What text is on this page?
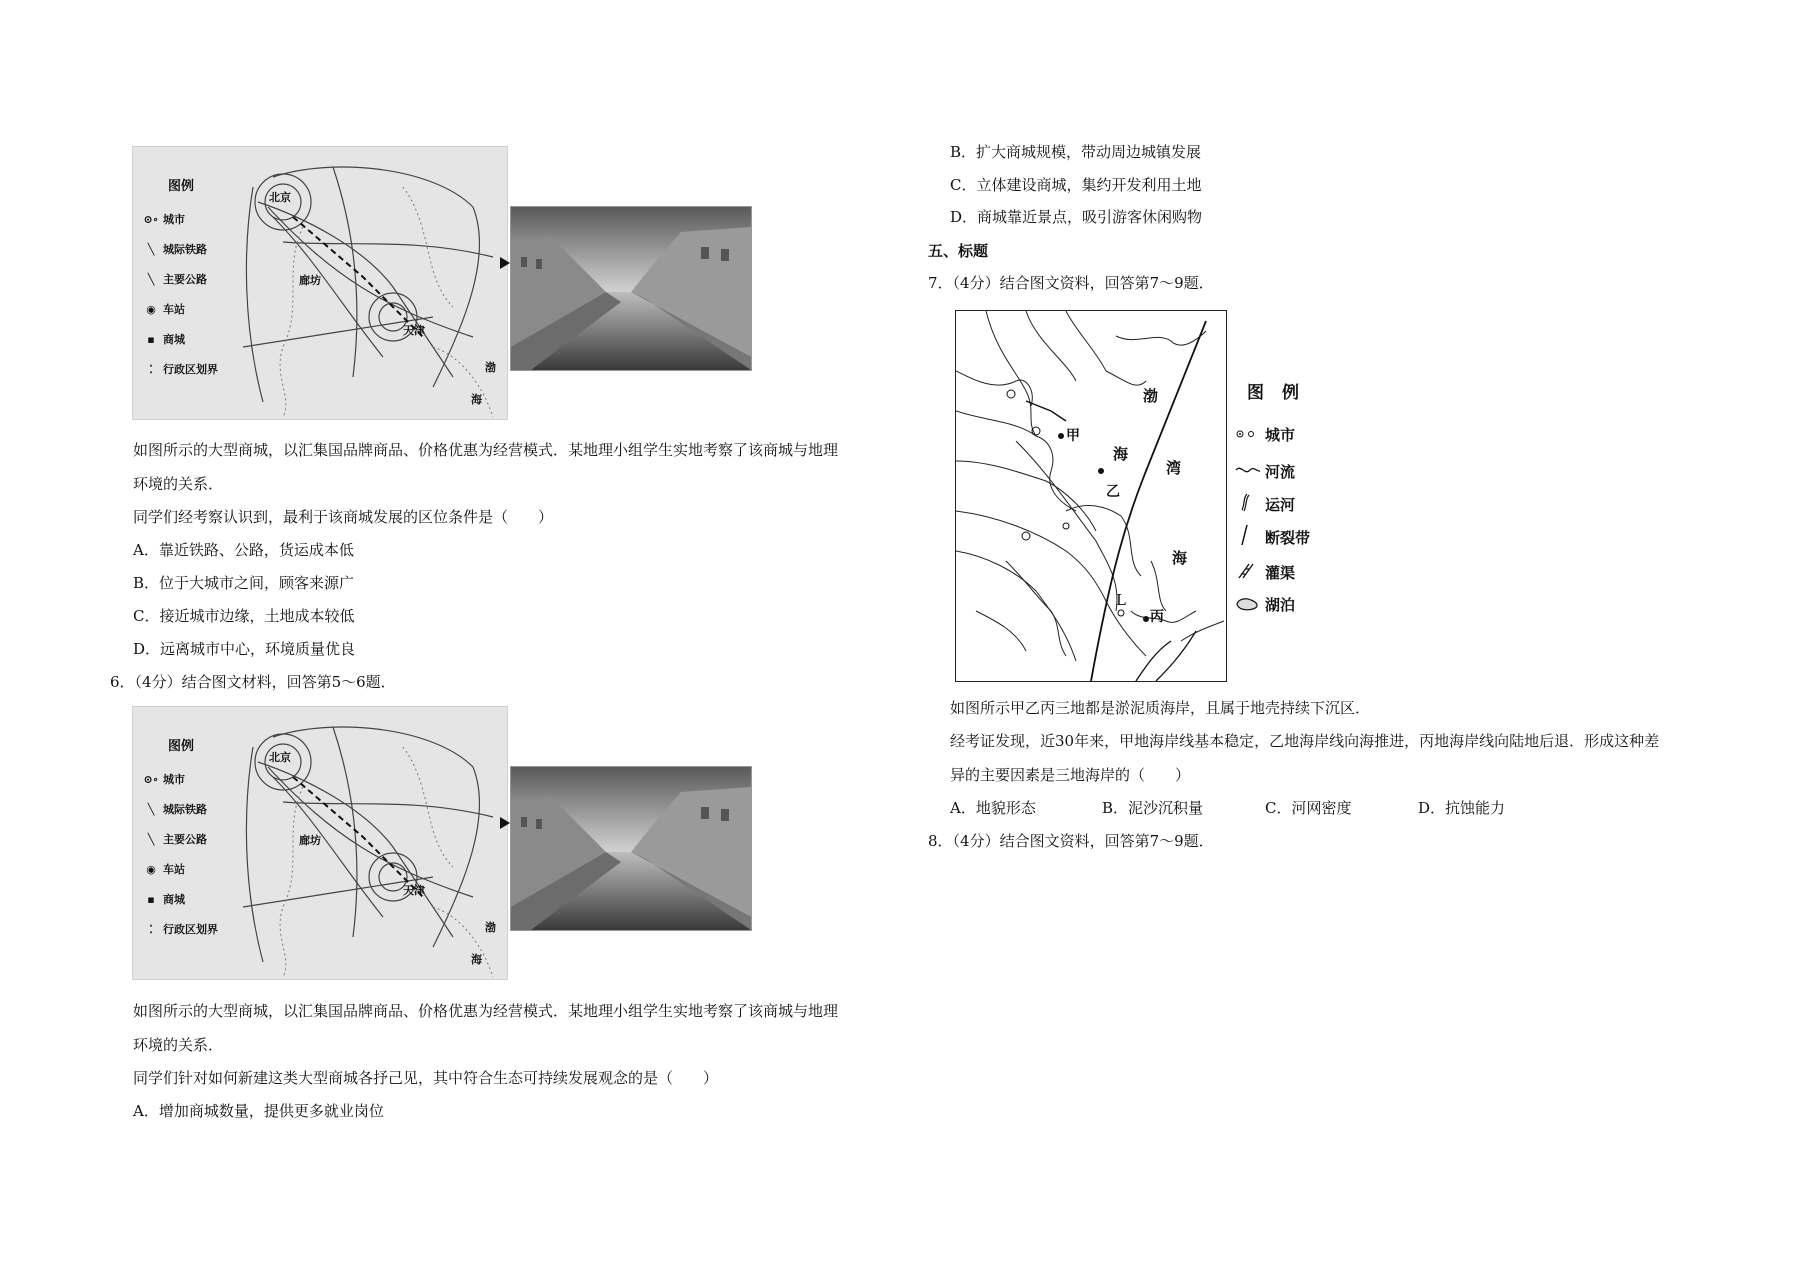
图例
⊙∘ 城市
╲ 城际铁路
╲ 主要公路
◉ 车站
▪ 商城
⁚ 行政区划界
北京
廊坊
天津
渤
海
如图所示的大型商城，以汇集国品牌商品、价格优惠为经营模式．某地理小组学生实地考察了该商城与地理
环境的关系．
同学们经考察认识到，最利于该商城发展的区位条件是（　　）
A．靠近铁路、公路，货运成本低
B．位于大城市之间，顾客来源广
C．接近城市边缘，土地成本较低
D．远离城市中心，环境质量优良
6．（4分）结合图文材料，回答第5～6题．
图例
⊙∘ 城市
╲ 城际铁路
╲ 主要公路
◉ 车站
▪ 商城
⁚ 行政区划界
北京
廊坊
天津
渤
海
如图所示的大型商城，以汇集国品牌商品、价格优惠为经营模式．某地理小组学生实地考察了该商城与地理
环境的关系．
同学们针对如何新建这类大型商城各抒己见，其中符合生态可持续发展观念的是（　　）
A．增加商城数量，提供更多就业岗位
B．扩大商城规模，带动周边城镇发展
C．立体建设商城，集约开发利用土地
D．商城靠近景点，吸引游客休闲购物
五、标题
7．（4分）结合图文资料，回答第7～9题．
甲
乙
丙
L
渤
海
湾
海
图例
城市
河流
运河
断裂带
灌渠
湖泊
如图所示甲乙丙三地都是淤泥质海岸，且属于地壳持续下沉区．
经考证发现，近30年来，甲地海岸线基本稳定，乙地海岸线向海推进，丙地海岸线向陆地后退．形成这种差
异的主要因素是三地海岸的（　　）
A．地貌形态	B．泥沙沉积量	C．河网密度	D．抗蚀能力
8．（4分）结合图文资料，回答第7～9题．
